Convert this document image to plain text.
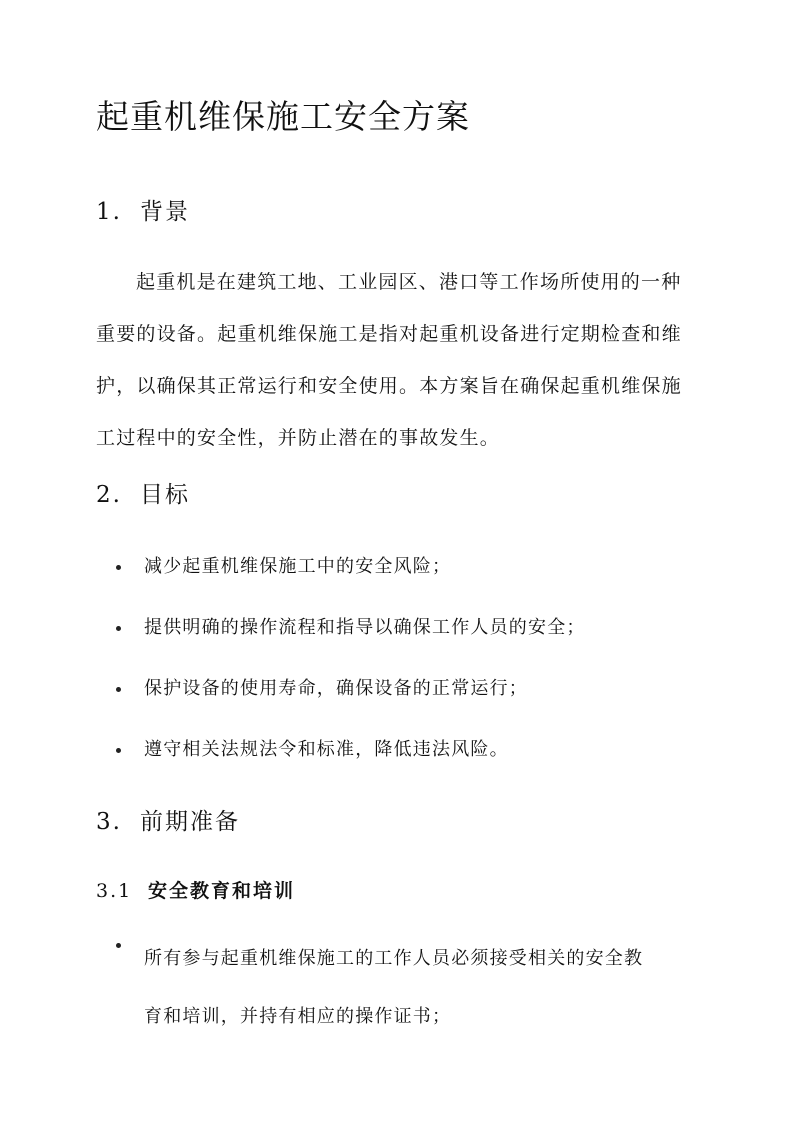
起重机维保施工安全方案
1. 背景
起重机是在建筑工地、工业园区、港口等工作场所使用的一种
重要的设备。起重机维保施工是指对起重机设备进行定期检查和维
护，以确保其正常运行和安全使用。本方案旨在确保起重机维保施
工过程中的安全性，并防止潜在的事故发生。
2. 目标
减少起重机维保施工中的安全风险；
提供明确的操作流程和指导以确保工作人员的安全；
保护设备的使用寿命，确保设备的正常运行；
遵守相关法规法令和标准，降低违法风险。
3. 前期准备
3.1 安全教育和培训
所有参与起重机维保施工的工作人员必须接受相关的安全教
育和培训，并持有相应的操作证书；
